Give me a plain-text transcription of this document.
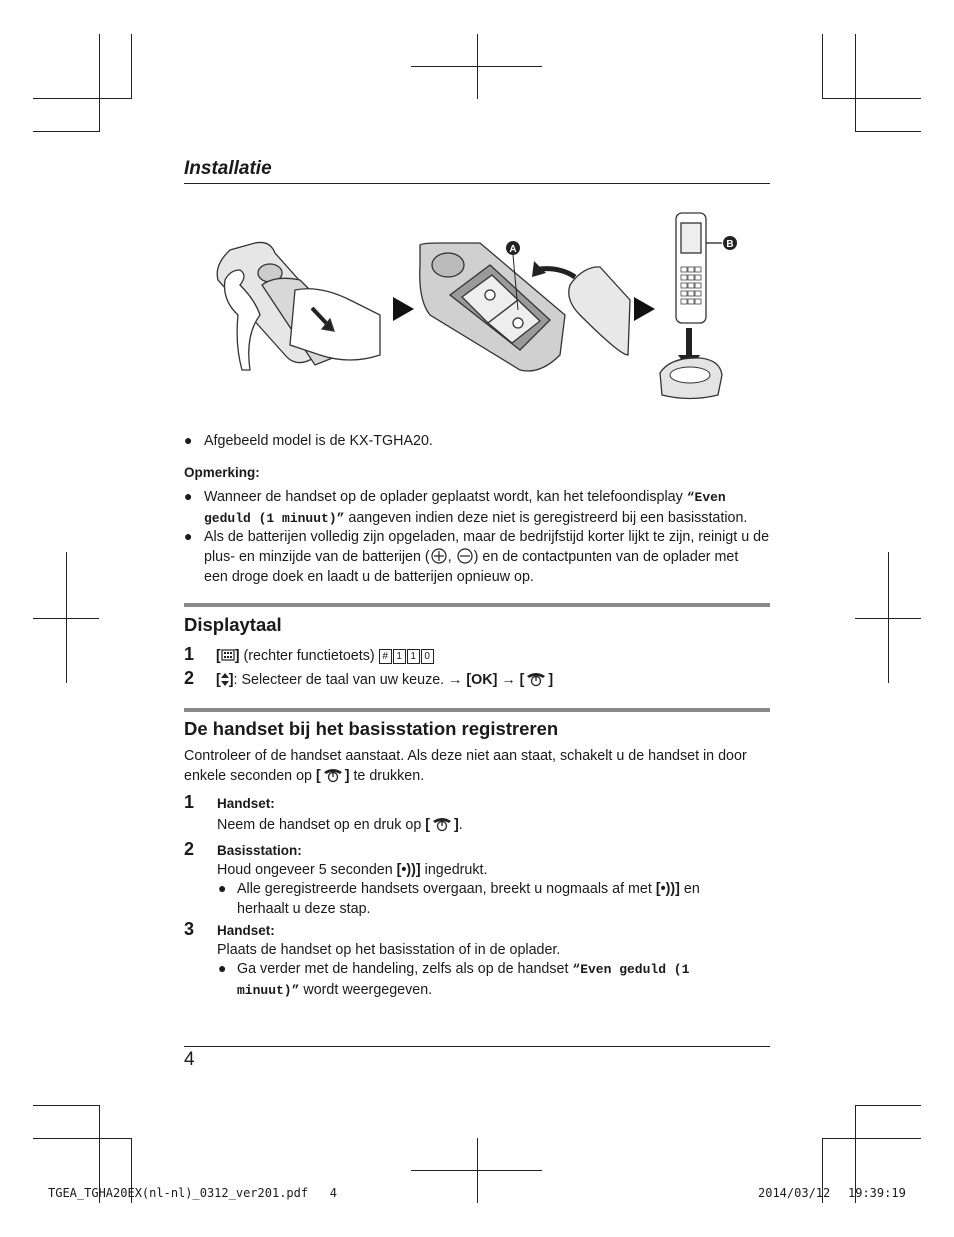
Installatie
A	B
● Afgebeeld model is de KX-TGHA20.
Opmerking:
● Wanneer de handset op de oplader geplaatst wordt, kan het telefoondisplay “Even
geduld (1 minuut)” aangeven indien deze niet is geregistreerd bij een basisstation.
● Als de batterijen volledig zijn opgeladen, maar de bedrijfstijd korter lijkt te zijn, reinigt u de
plus- en minzijde van de batterijen ( , ) en de contactpunten van de oplader met
een droge doek en laadt u de batterijen opnieuw op.
Displaytaal
1 [ ] (rechter functietoets) # 1 1 0
2 [ ]: Selecteer de taal van uw keuze. → [OK] → [ ]
De handset bij het basisstation registreren
Controleer of de handset aanstaat. Als deze niet aan staat, schakelt u de handset in door
enkele seconden op [ ] te drukken.
1 Handset:
Neem de handset op en druk op [ ].
2 Basisstation:
Houd ongeveer 5 seconden [•))] ingedrukt.
● Alle geregistreerde handsets overgaan, breekt u nogmaals af met [•))] en
herhaalt u deze stap.
3 Handset:
Plaats de handset op het basisstation of in de oplader.
● Ga verder met de handeling, zelfs als op de handset “Even geduld (1
minuut)” wordt weergegeven.
4
TGEA_TGHA20EX(nl-nl)_0312_ver201.pdf   4	2014/03/12 19:39:19
